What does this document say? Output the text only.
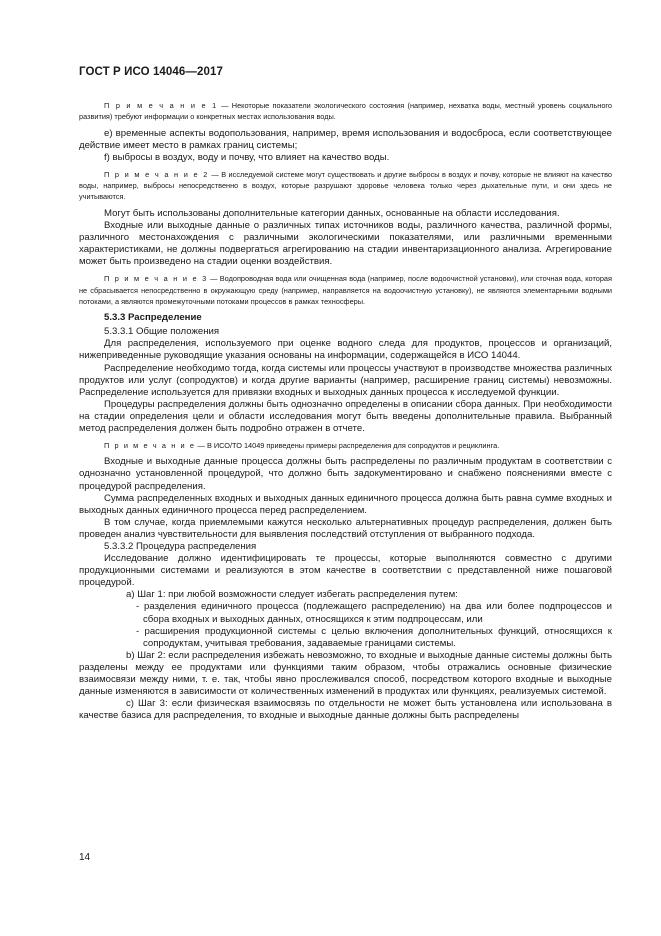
ГОСТ Р ИСО 14046—2017

П р и м е ч а н и е 1 — Некоторые показатели экологического состояния (например, нехватка воды, местный уровень социального развития) требуют информации о конкретных местах использования воды.

е) временные аспекты водопользования, например, время использования и водосброса, если соответствующее действие имеет место в рамках границ системы;

f) выбросы в воздух, воду и почву, что влияет на качество воды.

П р и м е ч а н и е 2 — В исследуемой системе могут существовать и другие выбросы в воздух и почву, которые не влияют на качество воды, например, выбросы непосредственно в воздух, которые разрушают здоровье человека только через дыхательные пути, и они здесь не учитываются.

Могут быть использованы дополнительные категории данных, основанные на области исследования.

Входные или выходные данные о различных типах источников воды, различного качества, различной формы, различного местонахождения с различными экологическими показателями, или различными временными характеристиками, не должны подвергаться агрегированию на стадии инвентаризационного анализа. Агрегирование может быть произведено на стадии оценки воздействия.

П р и м е ч а н и е 3 — Водопроводная вода или очищенная вода (например, после водоочистной установки), или сточная вода, которая не сбрасывается непосредственно в окружающую среду (например, направляется на водоочистную установку), не являются элементарными водными потоками, а являются промежуточными потоками процессов в рамках техносферы.

5.3.3 Распределение

5.3.3.1 Общие положения

Для распределения, используемого при оценке водного следа для продуктов, процессов и организаций, нижеприведенные руководящие указания основаны на информации, содержащейся в ИСО 14044.

Распределение необходимо тогда, когда системы или процессы участвуют в производстве множества различных продуктов или услуг (сопродуктов) и когда другие варианты (например, расширение границ системы) невозможны. Распределение используется для привязки входных и выходных данных процесса к исследуемой функции.

Процедуры распределения должны быть однозначно определены в описании сбора данных. При необходимости на стадии определения цели и области исследования могут быть введены дополнительные правила. Выбранный метод распределения должен быть подробно отражен в отчете.

П р и м е ч а н и е — В ИСО/ТО 14049 приведены примеры распределения для сопродуктов и рециклинга.

Входные и выходные данные процесса должны быть распределены по различным продуктам в соответствии с однозначно установленной процедурой, что должно быть задокументировано и снабжено пояснениями вместе с процедурой распределения.

Сумма распределенных входных и выходных данных единичного процесса должна быть равна сумме входных и выходных данных единичного процесса перед распределением.

В том случае, когда приемлемыми кажутся несколько альтернативных процедур распределения, должен быть проведен анализ чувствительности для выявления последствий отступления от выбранного подхода.

5.3.3.2 Процедура распределения

Исследование должно идентифицировать те процессы, которые выполняются совместно с другими продукционными системами и реализуются в этом качестве в соответствии с представленной ниже пошаговой процедурой.

а) Шаг 1: при любой возможности следует избегать распределения путем:

- разделения единичного процесса (подлежащего распределению) на два или более подпроцессов и сбора входных и выходных данных, относящихся к этим подпроцессам, или

- расширения продукционной системы с целью включения дополнительных функций, относящихся к сопродуктам, учитывая требования, задаваемые границами системы.

b) Шаг 2: если распределения избежать невозможно, то входные и выходные данные системы должны быть разделены между ее продуктами или функциями таким образом, чтобы отражались основные физические взаимосвязи между ними, т. е. так, чтобы явно прослеживался способ, посредством которого входные и выходные данные изменяются в зависимости от количественных изменений в продуктах или функциях, реализуемых системой.

с) Шаг 3: если физическая взаимосвязь по отдельности не может быть установлена или использована в качестве базиса для распределения, то входные и выходные данные должны быть распределены

14
